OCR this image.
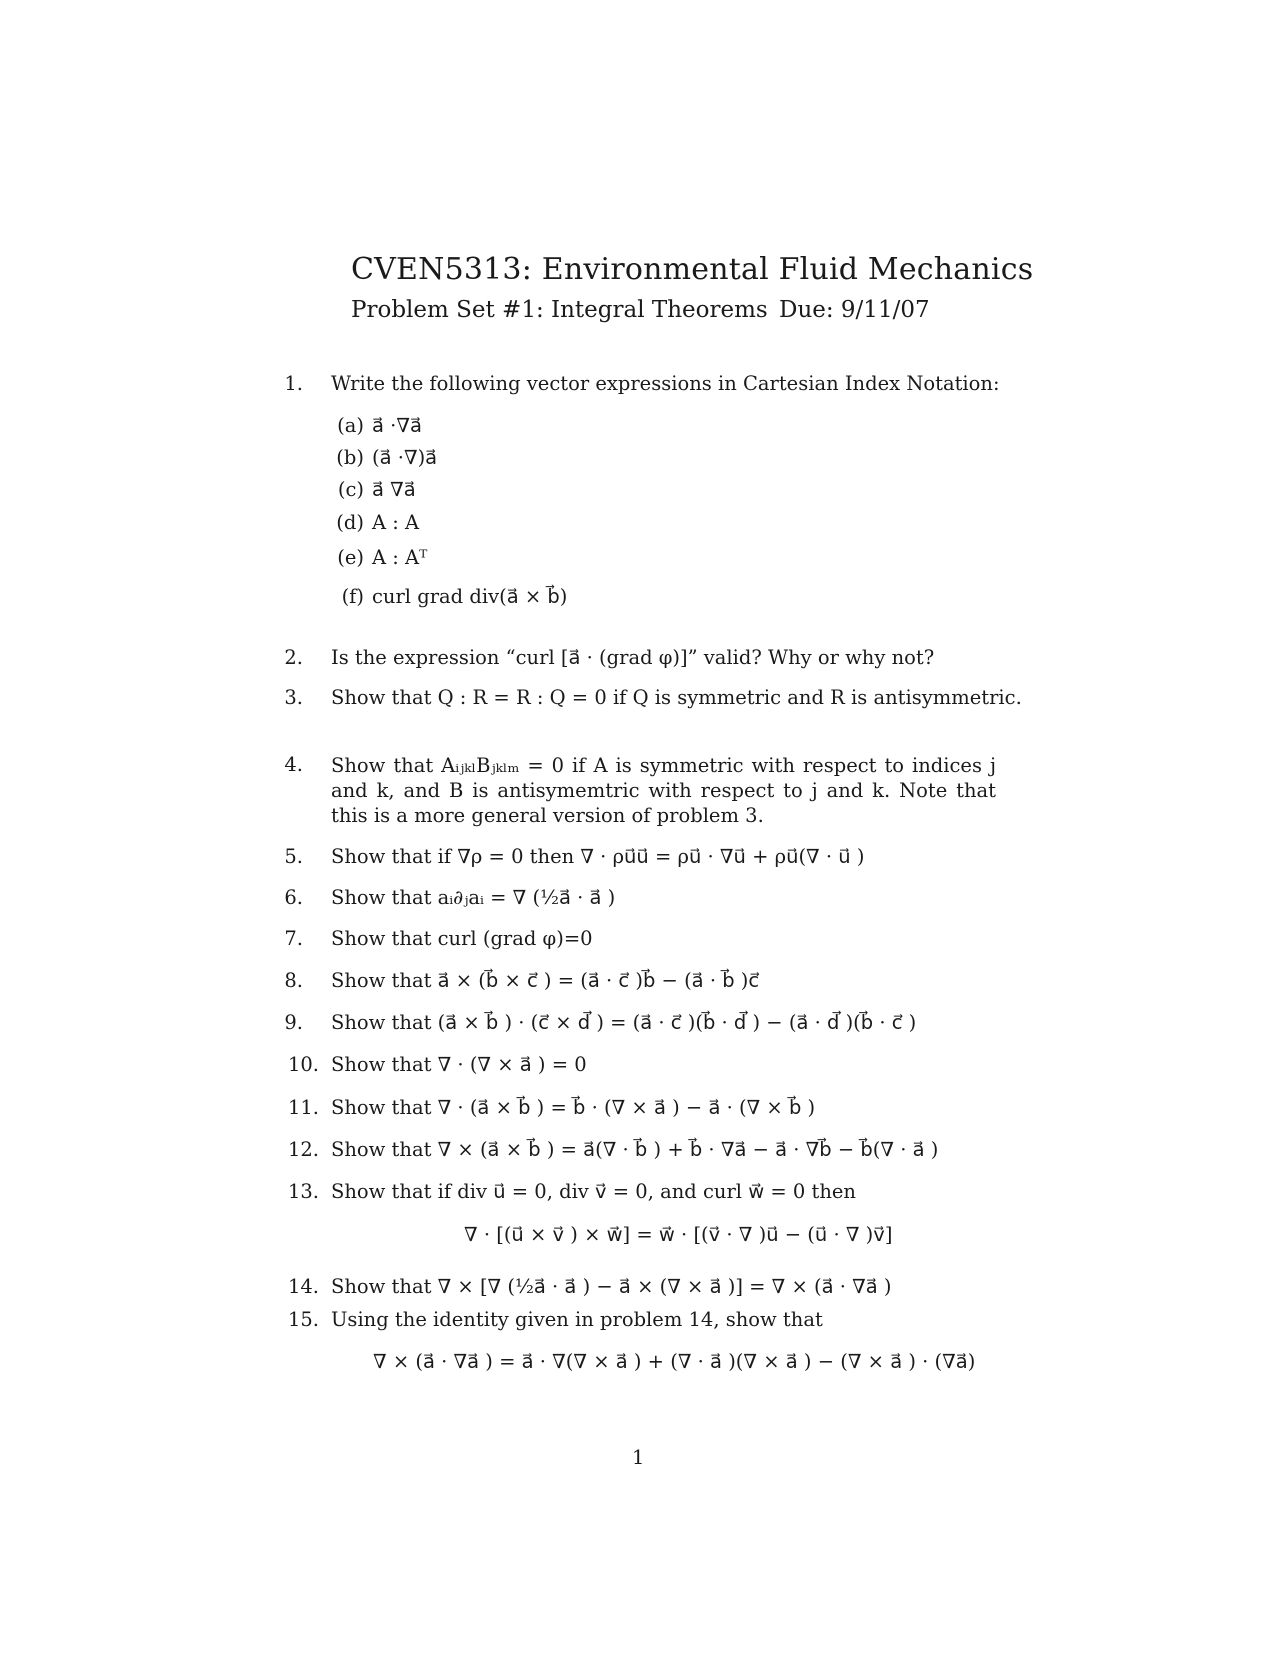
CVEN5313: Environmental Fluid Mechanics
Problem Set #1: Integral Theorems Due: 9/11/07
1. Write the following vector expressions in Cartesian Index Notation:
(a) a⃗ ·∇a⃗
(b) (a⃗ ·∇)a⃗
(c) a⃗ ∇a⃗
(d) A : A
(e) A : Aᵀ
(f) curl grad div(a⃗ × b⃗)
2. Is the expression “curl [a⃗ · (grad φ)]” valid? Why or why not?
3. Show that Q : R = R : Q = 0 if Q is symmetric and R is antisymmetric.
4. Show that AᵢⱼₖₗBⱼₖₗₘ = 0 if A is symmetric with respect to indices j and k, and B is antisymemtric with respect to j and k. Note that this is a more general version of problem 3.
5. Show that if ∇ρ = 0 then ∇ · ρu⃗u⃗ = ρu⃗ · ∇u⃗ + ρu⃗(∇ · u⃗ )
6. Show that aᵢ∂ⱼaᵢ = ∇ (½a⃗ · a⃗ )
7. Show that curl (grad φ)=0
8. Show that a⃗ × (b⃗ × c⃗ ) = (a⃗ · c⃗ )b⃗ − (a⃗ · b⃗ )c⃗
9. Show that (a⃗ × b⃗ ) · (c⃗ × d⃗ ) = (a⃗ · c⃗ )(b⃗ · d⃗ ) − (a⃗ · d⃗ )(b⃗ · c⃗ )
10. Show that ∇ · (∇ × a⃗ ) = 0
11. Show that ∇ · (a⃗ × b⃗ ) = b⃗ · (∇ × a⃗ ) − a⃗ · (∇ × b⃗ )
12. Show that ∇ × (a⃗ × b⃗ ) = a⃗(∇ · b⃗ ) + b⃗ · ∇a⃗ − a⃗ · ∇b⃗ − b⃗(∇ · a⃗ )
13. Show that if div u⃗ = 0, div v⃗ = 0, and curl w⃗ = 0 then
∇ · [(u⃗ × v⃗ ) × w⃗] = w⃗ · [(v⃗ · ∇ )u⃗ − (u⃗ · ∇ )v⃗]
14. Show that ∇ × [∇ (½a⃗ · a⃗ ) − a⃗ × (∇ × a⃗ )] = ∇ × (a⃗ · ∇a⃗ )
15. Using the identity given in problem 14, show that
∇ × (a⃗ · ∇a⃗ ) = a⃗ · ∇(∇ × a⃗ ) + (∇ · a⃗ )(∇ × a⃗ ) − (∇ × a⃗ ) · (∇a⃗)
1
